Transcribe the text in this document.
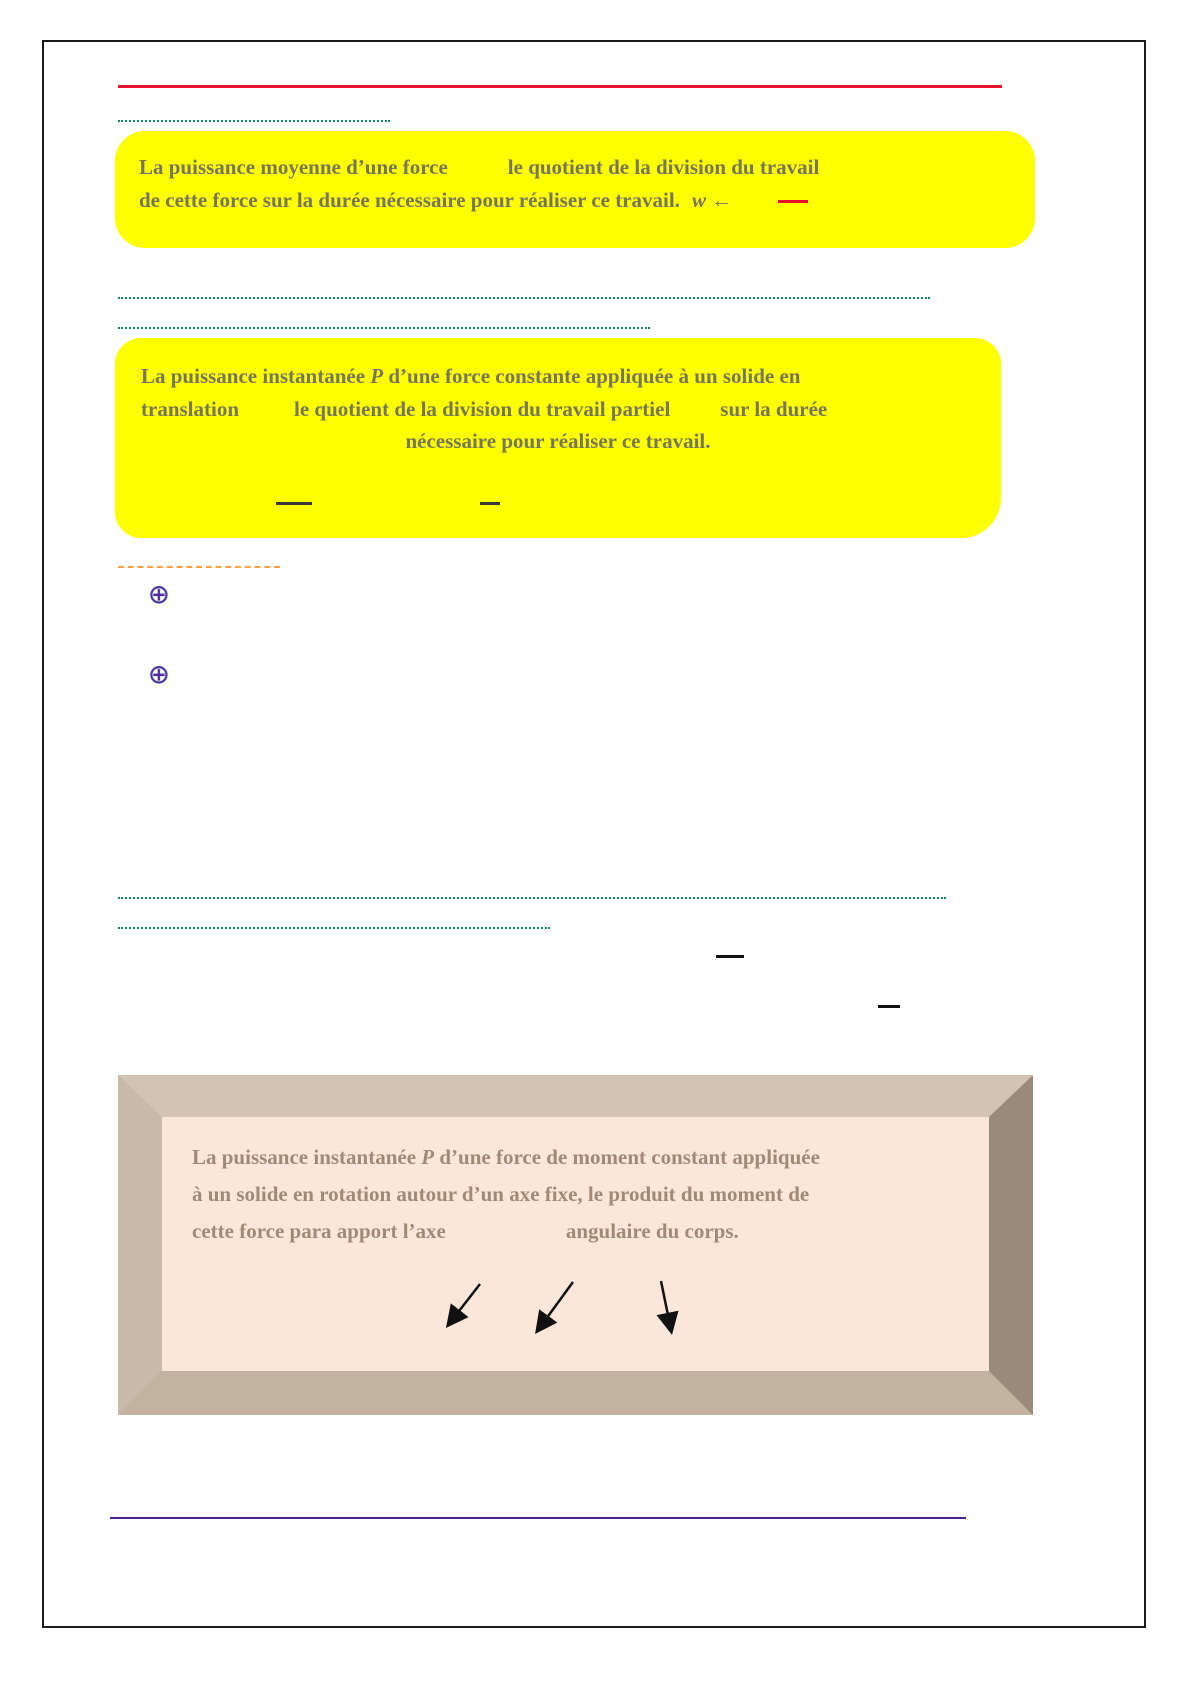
La puissance moyenne d’une force	le quotient de la division du travail
de cette force sur la durée nécessaire pour réaliser ce travail. w ←
La puissance instantanée P d’une force constante appliquée à un solide en
translation	le quotient de la division du travail partiel sur la durée
nécessaire pour réaliser ce travail.
⊕
⊕
La puissance instantanée P d’une force de moment constant appliquée
à un solide en rotation autour d’un axe fixe, le produit du moment de
cette force para apport l’axe	angulaire du corps.
